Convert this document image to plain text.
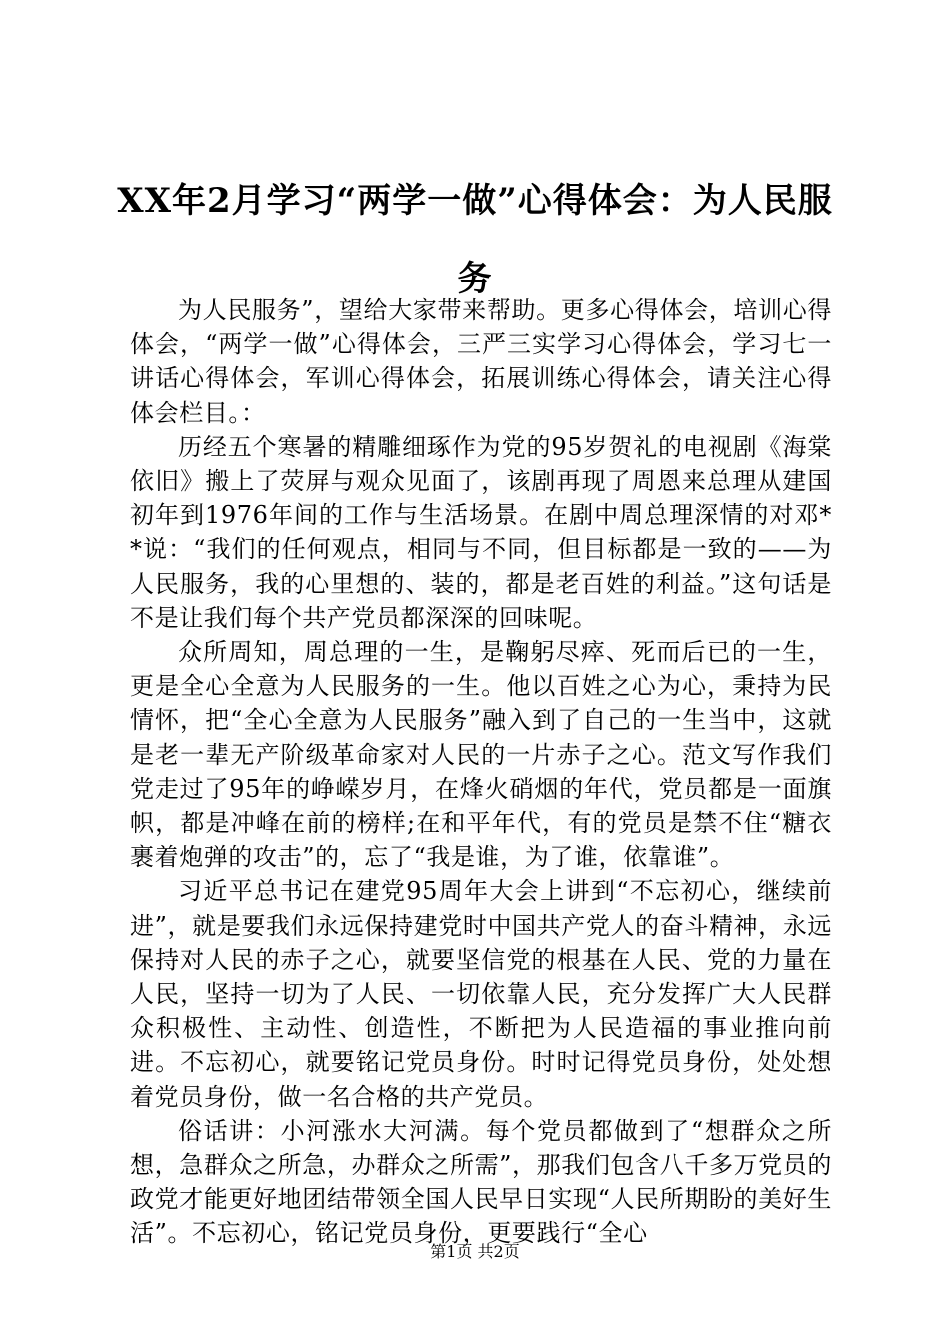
XX年2月学习“两学一做”心得体会：为人民服务

为人民服务”，望给大家带来帮助。更多心得体会，培训心得体会，“两学一做”心得体会，三严三实学习心得体会，学习七一讲话心得体会，军训心得体会，拓展训练心得体会，请关注心得体会栏目。：

历经五个寒暑的精雕细琢作为党的95岁贺礼的电视剧《海棠依旧》搬上了荧屏与观众见面了，该剧再现了周恩来总理从建国初年到1976年间的工作与生活场景。在剧中周总理深情的对邓**说：“我们的任何观点，相同与不同，但目标都是一致的——为人民服务，我的心里想的、装的，都是老百姓的利益。”这句话是不是让我们每个共产党员都深深的回味呢。

众所周知，周总理的一生，是鞠躬尽瘁、死而后已的一生，更是全心全意为人民服务的一生。他以百姓之心为心，秉持为民情怀，把“全心全意为人民服务”融入到了自己的一生当中，这就是老一辈无产阶级革命家对人民的一片赤子之心。范文写作我们党走过了95年的峥嵘岁月，在烽火硝烟的年代，党员都是一面旗帜，都是冲峰在前的榜样;在和平年代，有的党员是禁不住“糖衣裹着炮弹的攻击”的，忘了“我是谁，为了谁，依靠谁”。

习近平总书记在建党95周年大会上讲到“不忘初心，继续前进”，就是要我们永远保持建党时中国共产党人的奋斗精神，永远保持对人民的赤子之心，就要坚信党的根基在人民、党的力量在人民，坚持一切为了人民、一切依靠人民，充分发挥广大人民群众积极性、主动性、创造性，不断把为人民造福的事业推向前进。不忘初心，就要铭记党员身份。时时记得党员身份，处处想着党员身份，做一名合格的共产党员。

俗话讲：小河涨水大河满。每个党员都做到了“想群众之所想，急群众之所急，办群众之所需”，那我们包含八千多万党员的政党才能更好地团结带领全国人民早日实现“人民所期盼的美好生活”。不忘初心，铭记党员身份，更要践行“全心

第1页 共2页
